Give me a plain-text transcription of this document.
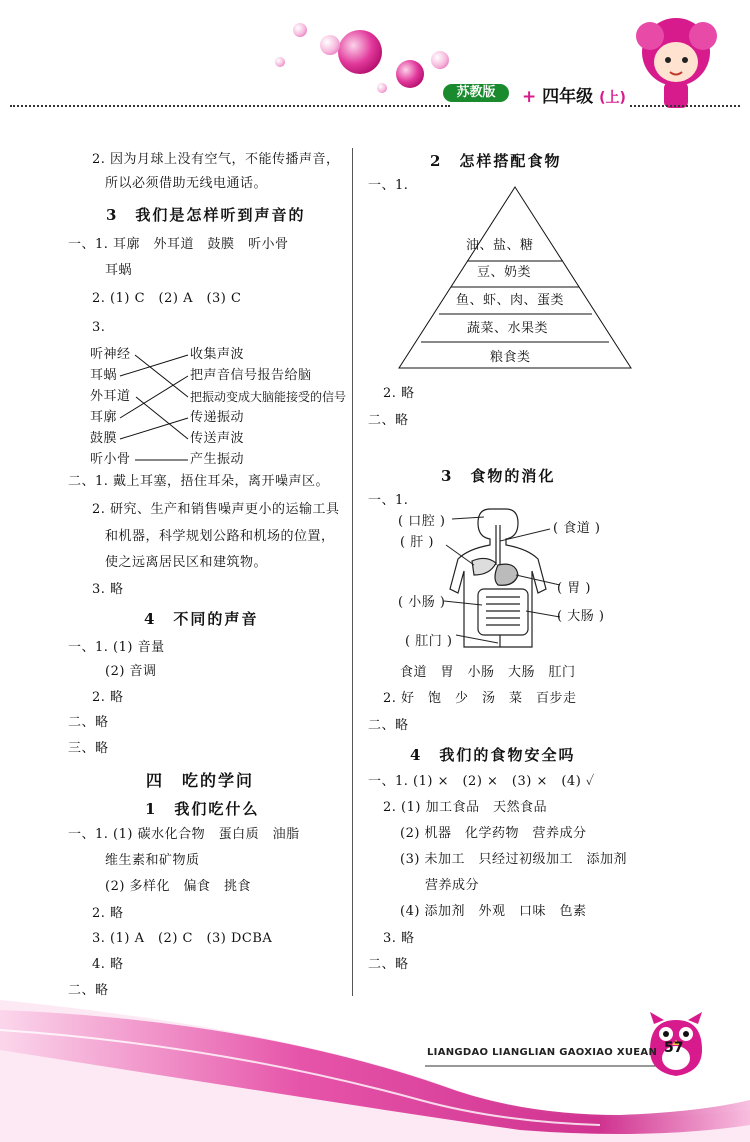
苏教版	+ 四年级 (上)
2. 因为月球上没有空气，不能传播声音，
所以必须借助无线电通话。
3　我们是怎样听到声音的
一、1. 耳廓　外耳道　鼓膜　听小骨
耳蜗
2. (1) C　(2) A　(3) C
3.
听神经
耳蜗
外耳道
耳廓
鼓膜
听小骨
收集声波
把声音信号报告给脑
把振动变成大脑能接受的信号
传递振动
传送声波
产生振动
二、1. 戴上耳塞，捂住耳朵，离开噪声区。
2. 研究、生产和销售噪声更小的运输工具
和机器，科学规划公路和机场的位置，
使之远离居民区和建筑物。
3. 略
4　不同的声音
一、1. (1) 音量
(2) 音调
2. 略
二、略
三、略
四　吃的学问
1　我们吃什么
一、1. (1) 碳水化合物　蛋白质　油脂
维生素和矿物质
(2) 多样化　偏食　挑食
2. 略
3. (1) A　(2) C　(3) DCBA
4. 略
二、略
2　怎样搭配食物
一、1.
油、盐、糖
豆、奶类
鱼、虾、肉、蛋类
蔬菜、水果类
粮食类
2. 略
二、略
3　食物的消化
一、1.
( 口腔 )	( 食道 )
( 肝 )
( 胃 )
( 小肠 )
( 大肠 )
( 肛门 )
食道　胃　小肠　大肠　肛门
2. 好　饱　少　汤　菜　百步走
二、略
4　我们的食物安全吗
一、1. (1) ×　(2) ×　(3) ×　(4) ✓
2. (1) 加工食品　天然食品
(2) 机器　化学药物　营养成分
(3) 未加工　只经过初级加工　添加剂
营养成分
(4) 添加剂　外观　口味　色素
3. 略
二、略
LIANGDAO LIANGLIAN GAOXIAO XUEAN 57
